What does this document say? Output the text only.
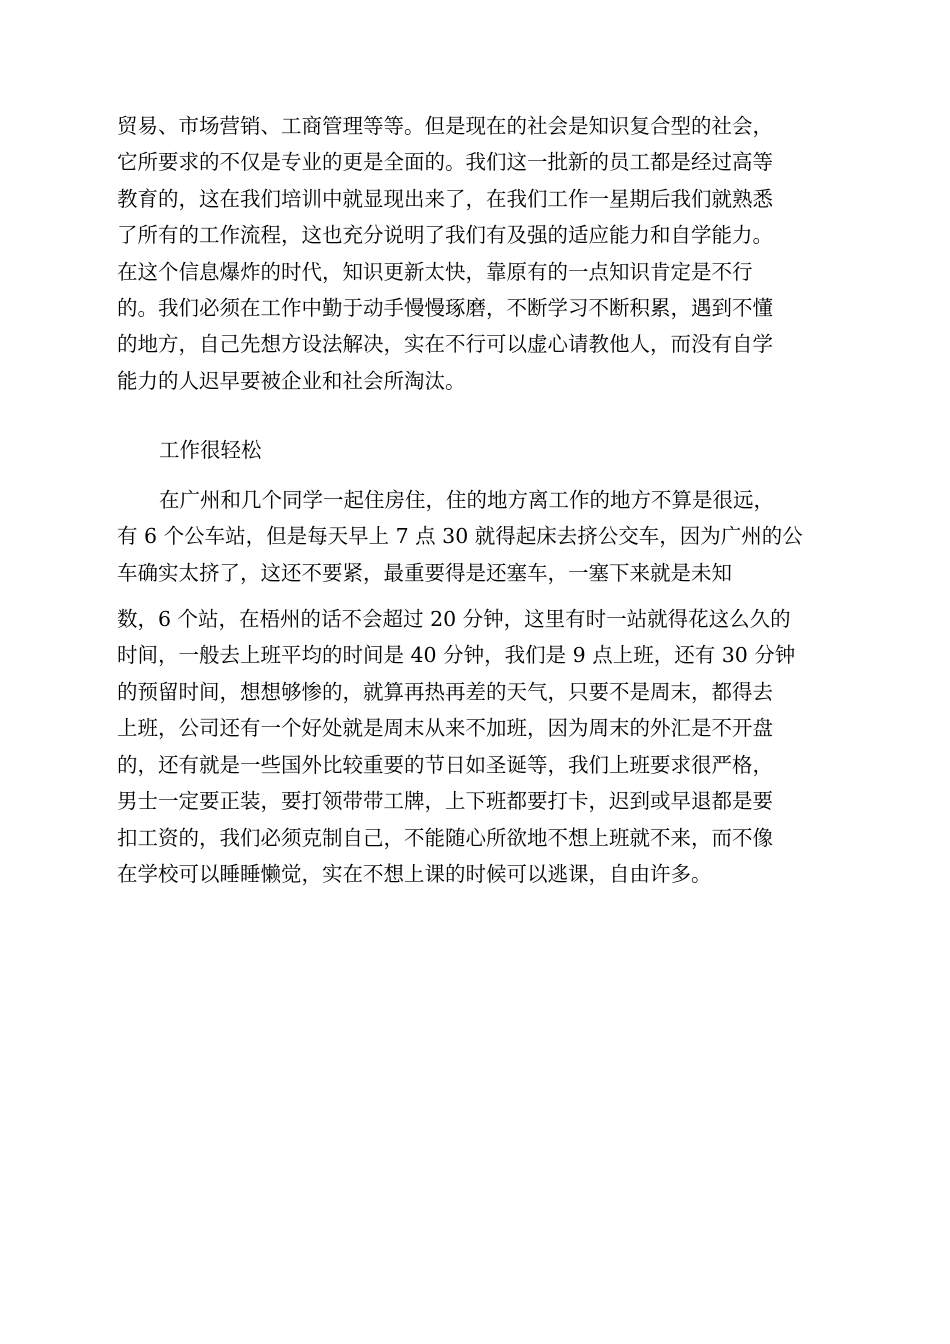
贸易、市场营销、工商管理等等。但是现在的社会是知识复合型的社会，
它所要求的不仅是专业的更是全面的。我们这一批新的员工都是经过高等
教育的，这在我们培训中就显现出来了，在我们工作一星期后我们就熟悉
了所有的工作流程，这也充分说明了我们有及强的适应能力和自学能力。
在这个信息爆炸的时代，知识更新太快，靠原有的一点知识肯定是不行
的。我们必须在工作中勤于动手慢慢琢磨，不断学习不断积累，遇到不懂
的地方，自己先想方设法解决，实在不行可以虚心请教他人，而没有自学
能力的人迟早要被企业和社会所淘汰。
工作很轻松
在广州和几个同学一起住房住，住的地方离工作的地方不算是很远，
有 6 个公车站，但是每天早上 7 点 30 就得起床去挤公交车，因为广州的公
车确实太挤了，这还不要紧，最重要得是还塞车，一塞下来就是未知
数，6 个站，在梧州的话不会超过 20 分钟，这里有时一站就得花这么久的
时间，一般去上班平均的时间是 40 分钟，我们是 9 点上班，还有 30 分钟
的预留时间，想想够惨的，就算再热再差的天气，只要不是周末，都得去
上班，公司还有一个好处就是周末从来不加班，因为周末的外汇是不开盘
的，还有就是一些国外比较重要的节日如圣诞等，我们上班要求很严格，
男士一定要正装，要打领带带工牌，上下班都要打卡，迟到或早退都是要
扣工资的，我们必须克制自己，不能随心所欲地不想上班就不来，而不像
在学校可以睡睡懒觉，实在不想上课的时候可以逃课，自由许多。
